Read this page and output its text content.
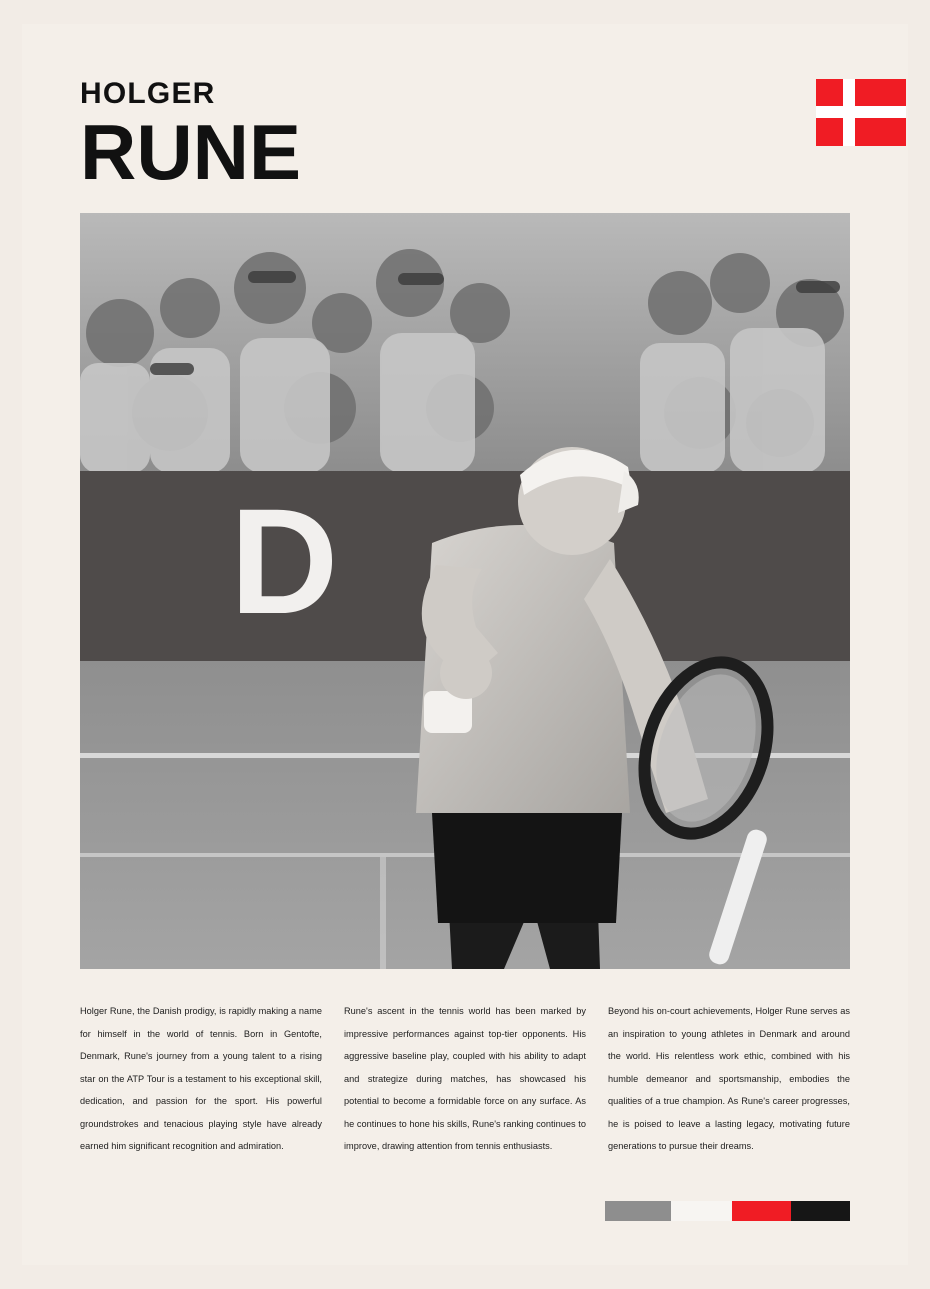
HOLGER
RUNE
D
Holger Rune, the Danish prodigy, is rapidly making a name for himself in the world of tennis. Born in Gentofte, Denmark, Rune's journey from a young talent to a rising star on the ATP Tour is a testament to his exceptional skill, dedication, and passion for the sport. His powerful groundstrokes and tenacious playing style have already earned him significant recognition and admiration.
Rune's ascent in the tennis world has been marked by impressive performances against top-tier opponents. His aggressive baseline play, coupled with his ability to adapt and strategize during matches, has showcased his potential to become a formidable force on any surface. As he continues to hone his skills, Rune's ranking continues to improve, drawing attention from tennis enthusiasts.
Beyond his on-court achievements, Holger Rune serves as an inspiration to young athletes in Denmark and around the world. His relentless work ethic, combined with his humble demeanor and sportsmanship, embodies the qualities of a true champion. As Rune's career progresses, he is poised to leave a lasting legacy, motivating future generations to pursue their dreams.
